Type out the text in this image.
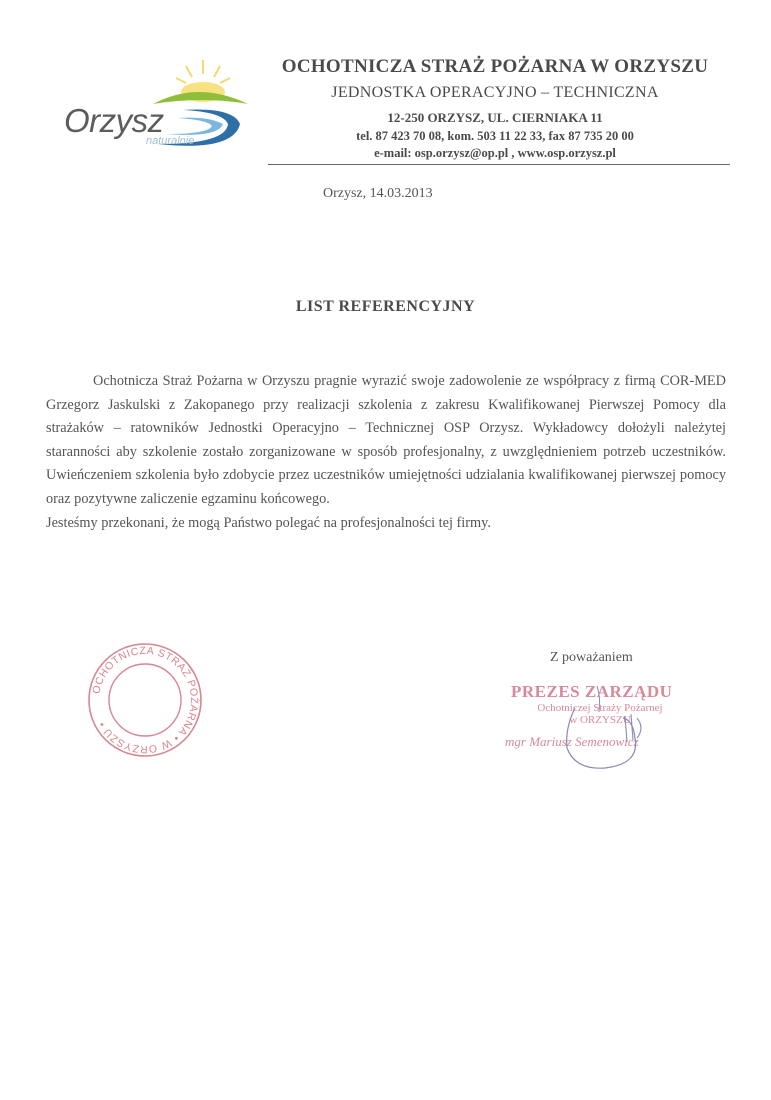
Orzysz
naturalnie
OCHOTNICZA STRAŻ POŻARNA W ORZYSZU
JEDNOSTKA OPERACYJNO – TECHNICZNA
12-250 ORZYSZ, UL. CIERNIAKA 11
tel. 87 423 70 08, kom. 503 11 22 33, fax 87 735 20 00
e-mail: osp.orzysz@op.pl , www.osp.orzysz.pl
Orzysz, 14.03.2013
LIST REFERENCYJNY

Ochotnicza Straż Pożarna w Orzyszu pragnie wyrazić swoje zadowolenie ze współpracy z firmą COR-MED Grzegorz Jaskulski z Zakopanego przy realizacji szkolenia z zakresu Kwalifikowanej Pierwszej Pomocy dla strażaków – ratowników Jednostki Operacyjno – Technicznej OSP Orzysz. Wykładowcy dołożyli należytej staranności aby szkolenie zostało zorganizowane w sposób profesjonalny, z uwzględnieniem potrzeb uczestników. Uwieńczeniem szkolenia było zdobycie przez uczestników umiejętności udzialania kwalifikowanej pierwszej pomocy oraz pozytywne zaliczenie egzaminu końcowego.

Jesteśmy przekonani, że mogą Państwo polegać na profesjonalności tej firmy.

OCHOTNICZA STRAŻ POŻARNA • W ORZYSZU •
Z poważaniem
PREZES ZARZĄDU
Ochotniczej Straży Pożarnej
w ORZYSZU
mgr Mariusz Semenowicz
